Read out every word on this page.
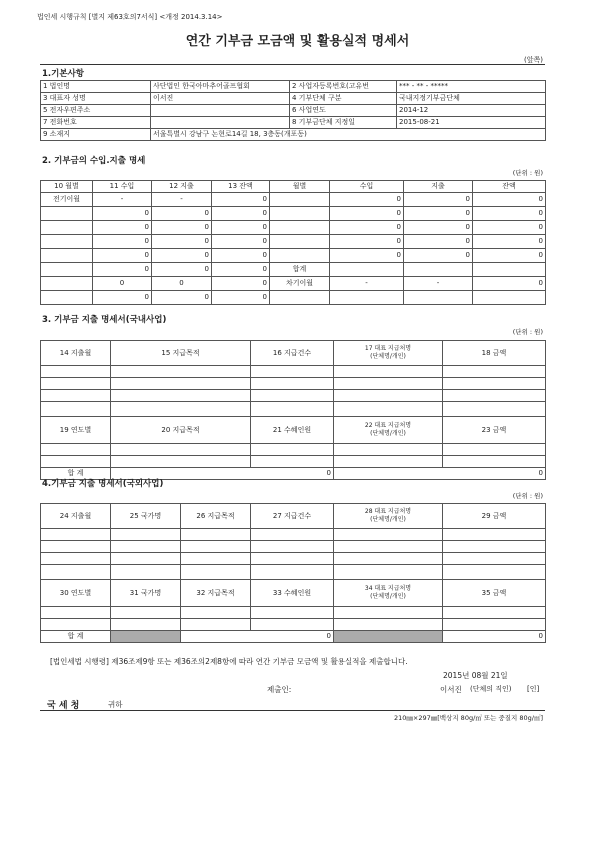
법인세 시행규칙 [별지 제63호의7서식] <개정 2014.3.14>
연간 기부금 모금액 및 활용실적 명세서
(앞쪽)
1.기본사항
1 법인명	사단법인 한국아마추어골프협회	2 사업자등록번호(고유번	*** - ** - *****
3 대표자 성명	이서진	4 기부단체 구분	국내지정기부금단체
5 전자우편주소		6 사업연도	2014-12
7 전화번호		8 기부금단체 지정일	2015-08-21
9 소재지	서울특별시 강남구 논현로14길 18, 3층동(개포동)		
2. 기부금의 수입.지출 명세
(단위 : 원)
10 월별	11 수입	12 지출	13 잔액	월별	수입	지출	잔액
전기이월	-	-	0		0	0	0
	0	0	0		0	0	0
	0	0	0		0	0	0
	0	0	0		0	0	0
	0	0	0		0	0	0
	0	0	0	합계			
	0	0	0	차기이월	-	-	0
	0	0	0				
3. 기부금 지출 명세서(국내사업)
(단위 : 원)
14 지출월	15 지급목적	16 지급건수	17 대표 지급처명
(단체명/개인)	18 금액

19 연도별	20 지급목적	21 수혜인원	22 대표 지급처명
(단체명/개인)	23 금액

합 계	0		0	
4.기부금 지출 명세서(국외사업)
(단위 : 원)
24 지출월	25 국가명	26 지급목적	27 지급건수	28 대표 지급처명
(단체명/개인)	29 금액

30 연도별	31 국가명	32 지급목적	33 수혜인원	34 대표 지급처명
(단체명/개인)	35 금액

합 계		0			0
[법인세법 시행령] 제36조제9항 또는 제36조의2제8항에 따라 연간 기부금 모금액 및 활용실적을 제출합니다.
2015년 08월 21일
제출인:	이서진 (단체의 직인) [인]
국 세 청	귀하
210㎜×297㎜[백상지 80g/㎡ 또는 중질지 80g/㎡]
